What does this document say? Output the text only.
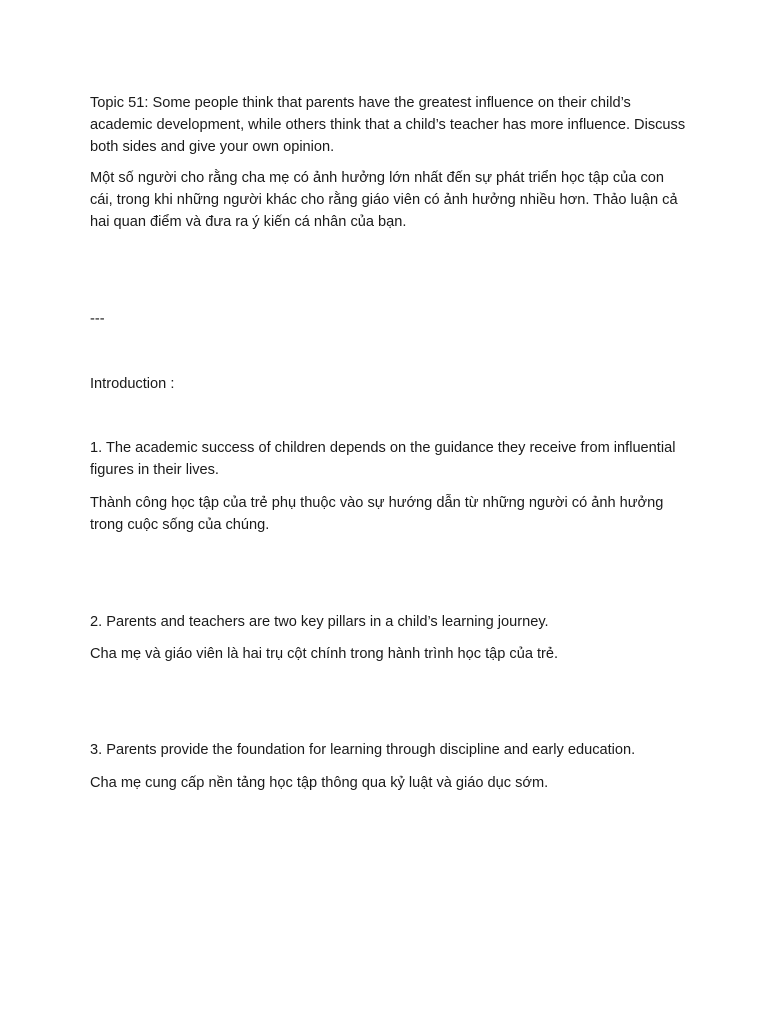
Topic 51: Some people think that parents have the greatest influence on their child’s academic development, while others think that a child’s teacher has more influence. Discuss both sides and give your own opinion.

Một số người cho rằng cha mẹ có ảnh hưởng lớn nhất đến sự phát triển học tập của con cái, trong khi những người khác cho rằng giáo viên có ảnh hưởng nhiều hơn. Thảo luận cả hai quan điểm và đưa ra ý kiến cá nhân của bạn.

---

Introduction :

1. The academic success of children depends on the guidance they receive from influential figures in their lives.

Thành công học tập của trẻ phụ thuộc vào sự hướng dẫn từ những người có ảnh hưởng trong cuộc sống của chúng.

2. Parents and teachers are two key pillars in a child’s learning journey.

Cha mẹ và giáo viên là hai trụ cột chính trong hành trình học tập của trẻ.

3. Parents provide the foundation for learning through discipline and early education.

Cha mẹ cung cấp nền tảng học tập thông qua kỷ luật và giáo dục sớm.
